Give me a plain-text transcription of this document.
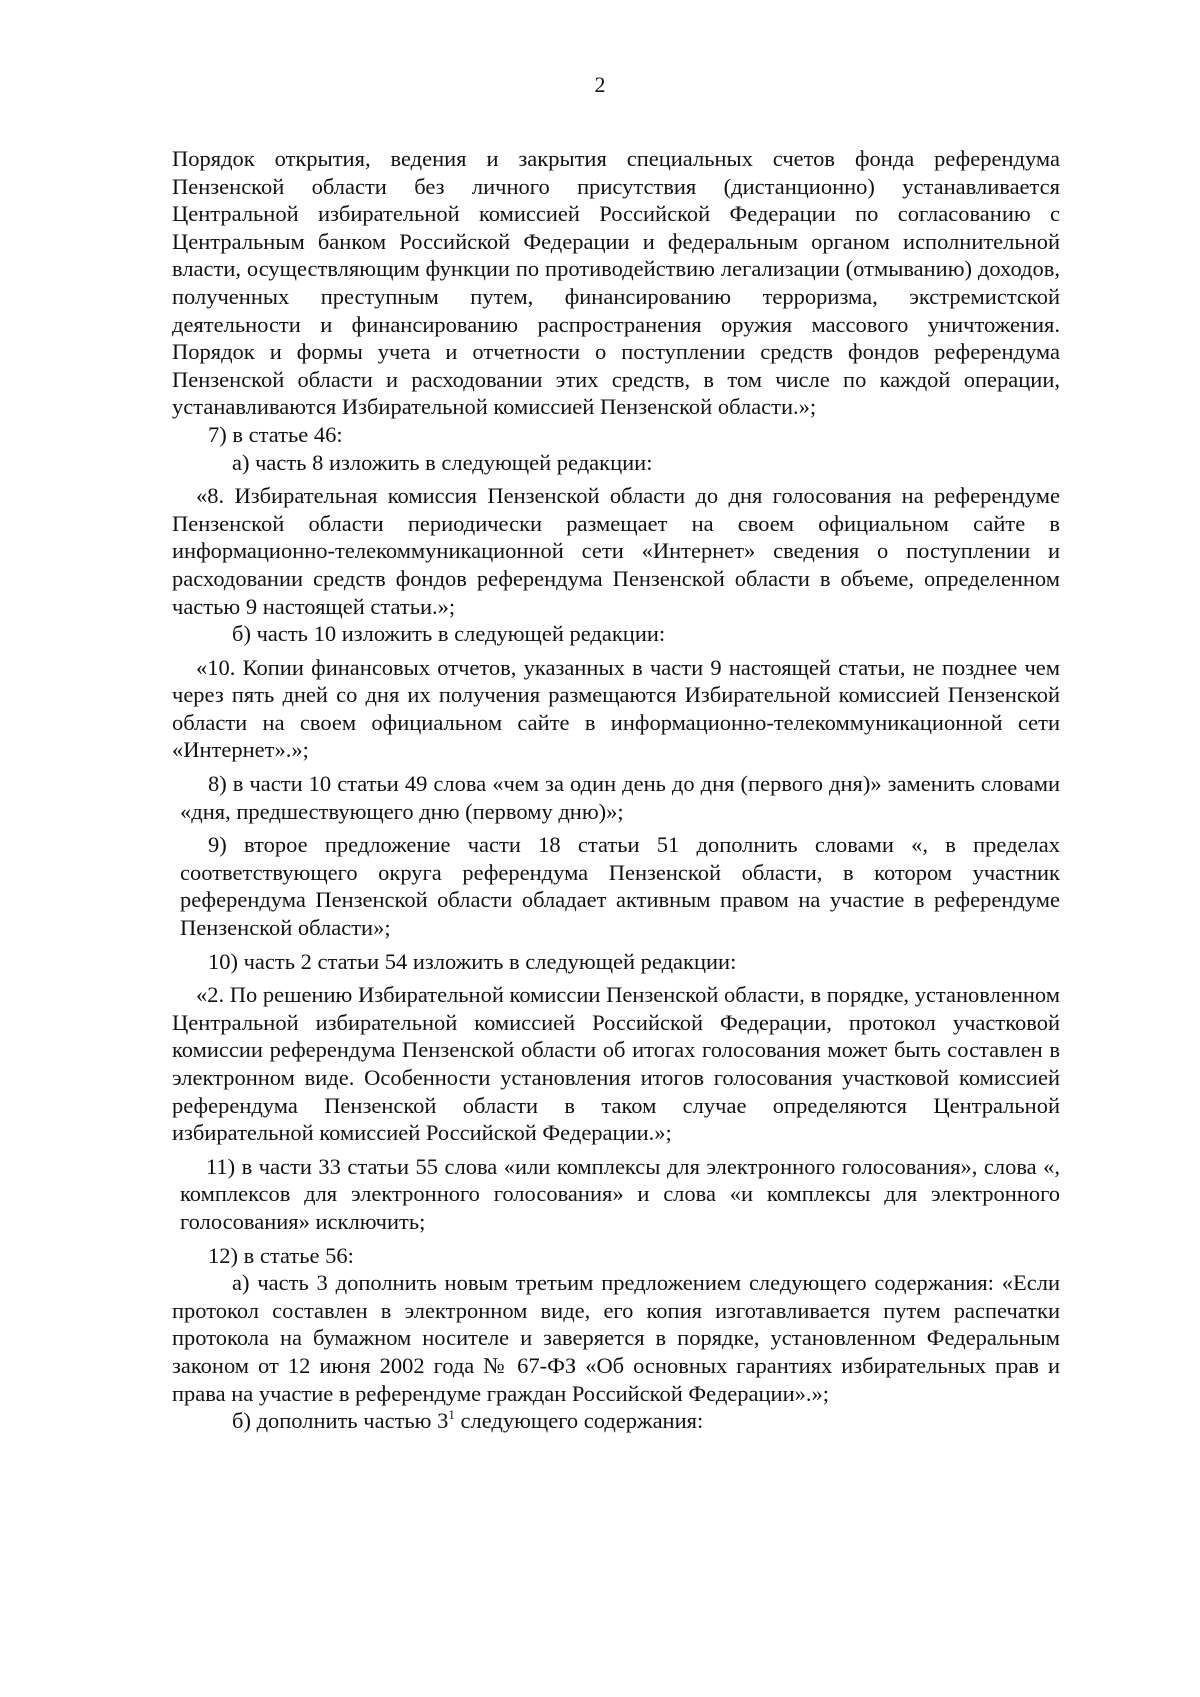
2

Порядок открытия, ведения и закрытия специальных счетов фонда референдума Пензенской области без личного присутствия (дистанционно) устанавливается Центральной избирательной комиссией Российской Федерации по согласованию с Центральным банком Российской Федерации и федеральным органом исполнительной власти, осуществляющим функции по противодействию легализации (отмыванию) доходов, полученных преступным путем, финансированию терроризма, экстремистской деятельности и финансированию распространения оружия массового уничтожения. Порядок и формы учета и отчетности о поступлении средств фондов референдума Пензенской области и расходовании этих средств, в том числе по каждой операции, устанавливаются Избирательной комиссией Пензенской области.»;

7) в статье 46:

а) часть 8 изложить в следующей редакции:

«8. Избирательная комиссия Пензенской области до дня голосования на референдуме Пензенской области периодически размещает на своем официальном сайте в информационно-телекоммуникационной сети «Интернет» сведения о поступлении и расходовании средств фондов референдума Пензенской области в объеме, определенном частью 9 настоящей статьи.»;

б) часть 10 изложить в следующей редакции:

«10. Копии финансовых отчетов, указанных в части 9 настоящей статьи, не позднее чем через пять дней со дня их получения размещаются Избирательной комиссией Пензенской области на своем официальном сайте в информационно-телекоммуникационной сети «Интернет».»;

8) в части 10 статьи 49 слова «чем за один день до дня (первого дня)» заменить словами «дня, предшествующего дню (первому дню)»;

9) второе предложение части 18 статьи 51 дополнить словами «, в пределах соответствующего округа референдума Пензенской области, в котором участник референдума Пензенской области обладает активным правом на участие в референдуме Пензенской области»;

10) часть 2 статьи 54 изложить в следующей редакции:

«2. По решению Избирательной комиссии Пензенской области, в порядке, установленном Центральной избирательной комиссией Российской Федерации, протокол участковой комиссии референдума Пензенской области об итогах голосования может быть составлен в электронном виде. Особенности установления итогов голосования участковой комиссией референдума Пензенской области в таком случае определяются Центральной избирательной комиссией Российской Федерации.»;

11) в части 33 статьи 55 слова «или комплексы для электронного голосования», слова «, комплексов для электронного голосования» и слова «и комплексы для электронного голосования» исключить;

12) в статье 56:

а) часть 3 дополнить новым третьим предложением следующего содержания: «Если протокол составлен в электронном виде, его копия изготавливается путем распечатки протокола на бумажном носителе и заверяется в порядке, установленном Федеральным законом от 12 июня 2002 года № 67-ФЗ «Об основных гарантиях избирательных прав и права на участие в референдуме граждан Российской Федерации».»;

б) дополнить частью $3^1$ следующего содержания:
